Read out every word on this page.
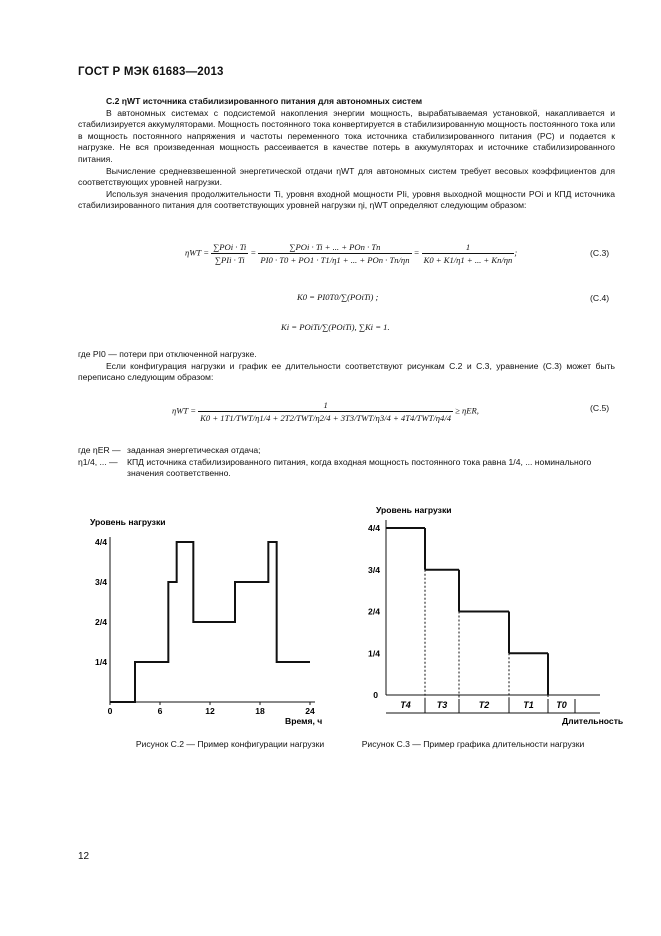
ГОСТ Р МЭК 61683—2013

C.2 ηWT источника стабилизированного питания для автономных систем

В автономных системах с подсистемой накопления энергии мощность, вырабатываемая установкой, накапливается и стабилизируется аккумуляторами. Мощность постоянного тока конвертируется в стабилизированную мощность постоянного тока или в мощность постоянного напряжения и частоты переменного тока источника стабилизированного питания (PC) и подается к нагрузке. Не вся произведенная мощность рассеивается в качестве потерь в аккумуляторах и источнике стабилизированного питания.

Вычисление средневзвешенной энергетической отдачи ηWT для автономных систем требует весовых коэффициентов для соответствующих уровней нагрузки.

Используя значения продолжительности Ti, уровня входной мощности PIi, уровня выходной мощности POi и КПД источника стабилизированного питания для соответствующих уровней нагрузки ηi, ηWT определяют следующим образом:

$\eta WT = \frac{\text{∑POi · Ti}}{\text{∑PIi · Ti}} = \frac{\text{∑POi · Ti + ... + POn · Tn}}{\text{PI0 · T0 + PO1 · T1/η1 + ... + POn · Tn/ηn}} = \frac{1}{K0 + K1/\eta 1 + ... + Kn/\eta n}$ ;	(C.3)
K0 = PI0T0/∑(POiTi) ;	(C.4)
Ki = POiTi/∑(POiTi), ∑Ki = 1.

где PI0 — потери при отключенной нагрузке.

Если конфигурация нагрузки и график ее длительности соответствуют рисункам C.2 и C.3, уравнение (C.3) может быть переписано следующим образом:

ηWT =
1
K0 + 1T1/TWT/η1/4 + 2T2/TWT/η2/4 + 3T3/TWT/η3/4 + 4T4/TWT/η4/4
≥ ηER,	(C.5)
где ηER — заданная энергетическая отдача;
η1/4, ... —	КПД источника стабилизированного питания, когда входная мощность постоянного тока равна 1/4, ... номинального значения соответственно.
Уровень нагрузки
1/4
2/4
3/4
4/4
0	6	12	18	24
Время, ч
Рисунок C.2 — Пример конфигурации нагрузки
Уровень нагрузки
0
1/4
2/4
3/4
4/4
T4	T3	T2	T1 T0
Длительность
Рисунок C.3 — Пример графика длительности нагрузки
12
